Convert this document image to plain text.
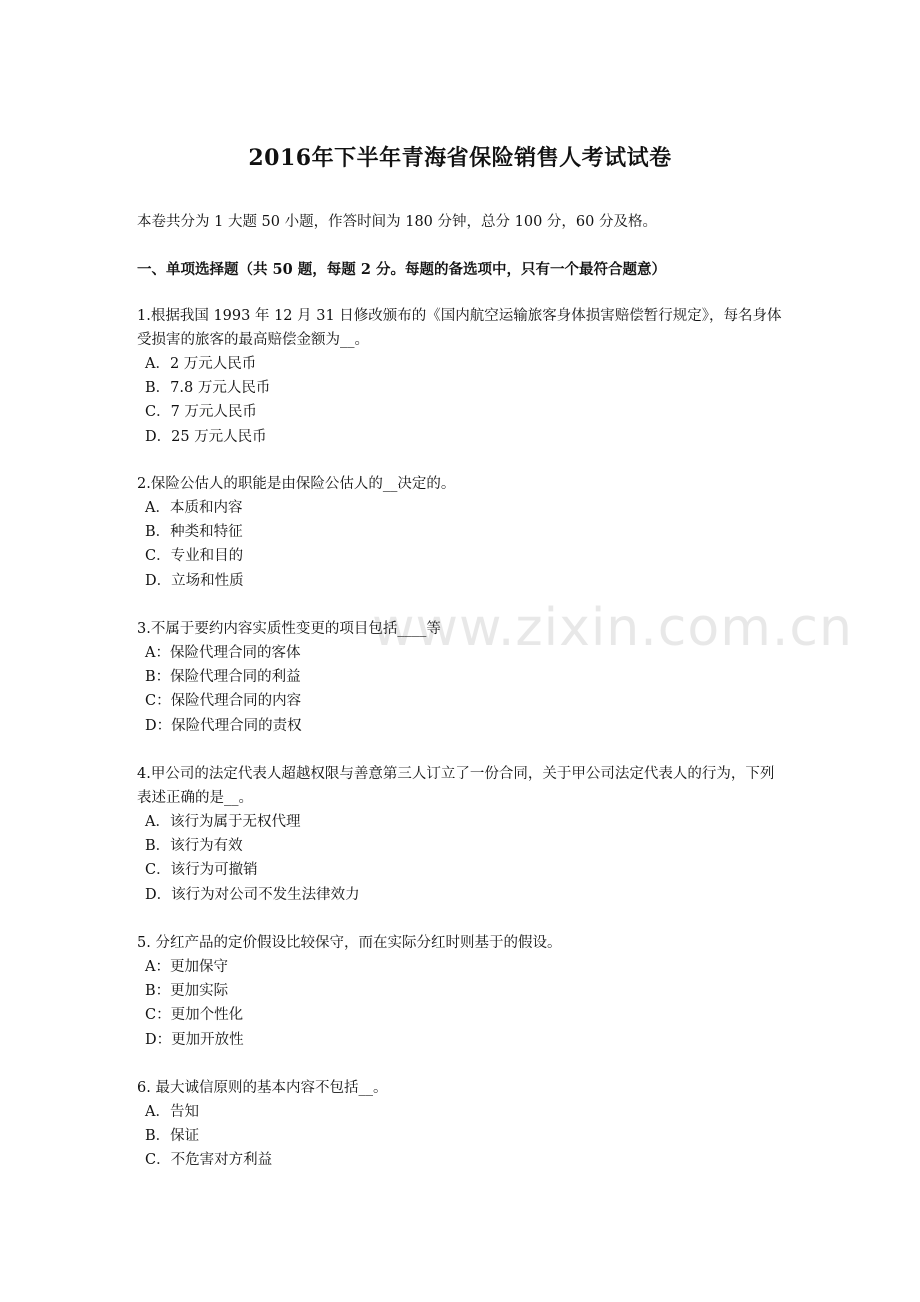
www.zixin.com.cn
2016年下半年青海省保险销售人考试试卷
本卷共分为 1 大题 50 小题，作答时间为 180 分钟，总分 100 分，60 分及格。
一、单项选择题（共 50 题，每题 2 分。每题的备选项中，只有一个最符合题意）
1.根据我国 1993 年 12 月 31 日修改颁布的《国内航空运输旅客身体损害赔偿暂行规定》，每名身体受损害的旅客的最高赔偿金额为__。
A．2 万元人民币
B．7.8 万元人民币
C．7 万元人民币
D．25 万元人民币
2.保险公估人的职能是由保险公估人的__决定的。
A．本质和内容
B．种类和特征
C．专业和目的
D．立场和性质
3.不属于要约内容实质性变更的项目包括____等
A：保险代理合同的客体
B：保险代理合同的利益
C：保险代理合同的内容
D：保险代理合同的责权
4.甲公司的法定代表人超越权限与善意第三人订立了一份合同，关于甲公司法定代表人的行为，下列表述正确的是__。
A．该行为属于无权代理
B．该行为有效
C．该行为可撤销
D．该行为对公司不发生法律效力
5. 分红产品的定价假设比较保守，而在实际分红时则基于的假设。
A：更加保守
B：更加实际
C：更加个性化
D：更加开放性
6. 最大诚信原则的基本内容不包括__。
A．告知
B．保证
C．不危害对方利益
